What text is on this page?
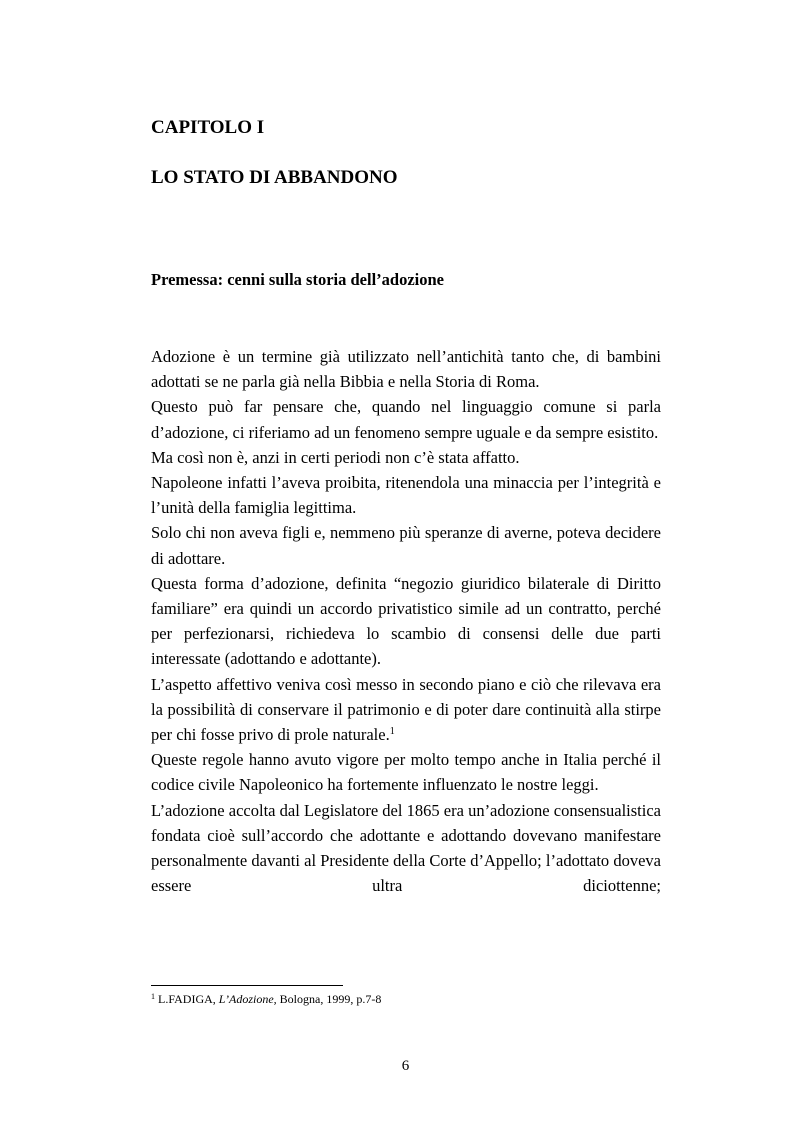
CAPITOLO I
LO STATO DI ABBANDONO
Premessa: cenni sulla storia dell’adozione

Adozione è un termine già utilizzato nell’antichità tanto che, di bambini adottati se ne parla già nella Bibbia e nella Storia di Roma.

Questo può far pensare che, quando nel linguaggio comune si parla d’adozione, ci riferiamo ad un fenomeno sempre uguale e da sempre esistito.

Ma così non è, anzi in certi periodi non c’è stata affatto.

Napoleone infatti l’aveva proibita, ritenendola una minaccia per l’integrità e l’unità della famiglia legittima.

Solo chi non aveva figli e, nemmeno più speranze di averne, poteva decidere di adottare.

Questa forma d’adozione, definita “negozio giuridico bilaterale di Diritto familiare” era quindi un accordo privatistico simile ad un contratto, perché per perfezionarsi, richiedeva lo scambio di consensi delle due parti interessate (adottando e adottante).

L’aspetto affettivo veniva così messo in secondo piano e ciò che rilevava era la possibilità di conservare il patrimonio e di poter dare continuità alla stirpe per chi fosse privo di prole naturale.$^1$

Queste regole hanno avuto vigore per molto tempo anche in Italia perché il codice civile Napoleonico ha fortemente influenzato le nostre leggi.

L’adozione accolta dal Legislatore del 1865 era un’adozione consensualistica fondata cioè sull’accordo che adottante e adottando dovevano manifestare personalmente davanti al Presidente della Corte d’Appello; l’adottato doveva essere ultra diciottenne;

$^1$ L.FADIGA, L’Adozione, Bologna, 1999, p.7-8
6
